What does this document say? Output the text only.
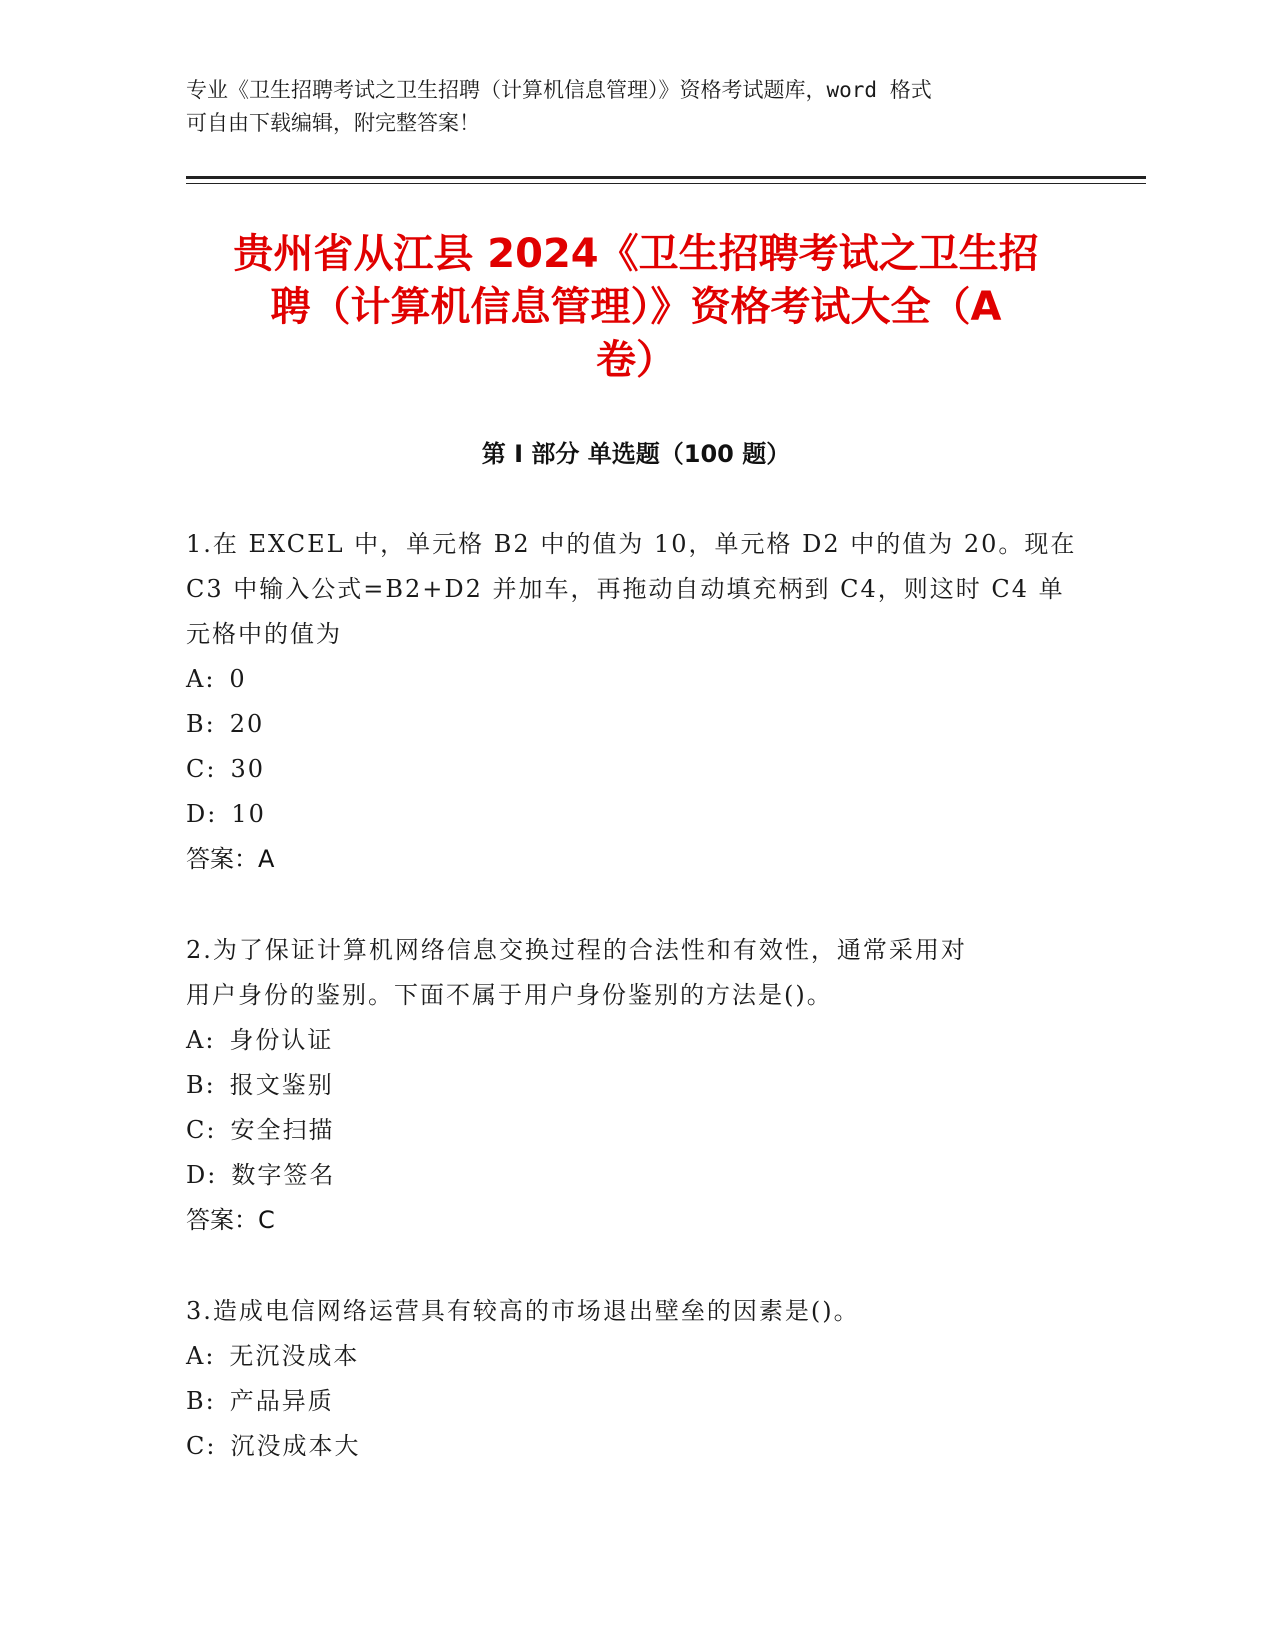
专业《卫生招聘考试之卫生招聘（计算机信息管理）》资格考试题库，word 格式
可自由下载编辑，附完整答案！
贵州省从江县 2024《卫生招聘考试之卫生招
聘（计算机信息管理）》资格考试大全（A
卷）
第 I 部分 单选题（100 题）
1.在 EXCEL 中，单元格 B2 中的值为 10，单元格 D2 中的值为 20。现在
C3 中输入公式=B2+D2 并加车，再拖动自动填充柄到 C4，则这时 C4 单
元格中的值为
A: 0
B: 20
C: 30
D: 10
答案：A
2.为了保证计算机网络信息交换过程的合法性和有效性，通常采用对
用户身份的鉴别。下面不属于用户身份鉴别的方法是()。
A: 身份认证
B: 报文鉴别
C: 安全扫描
D: 数字签名
答案：C
3.造成电信网络运营具有较高的市场退出壁垒的因素是()。
A: 无沉没成本
B: 产品异质
C: 沉没成本大
